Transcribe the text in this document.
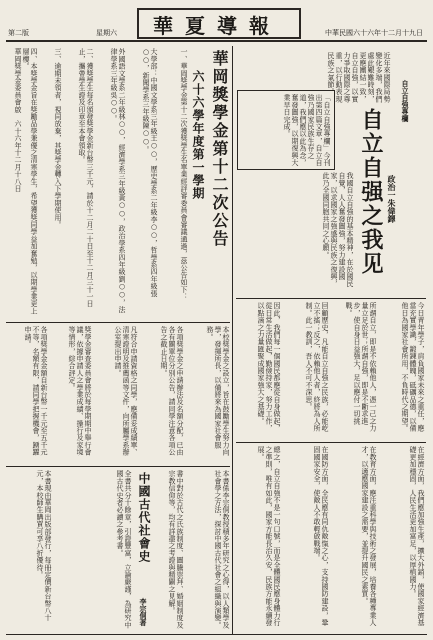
華夏導報	中華民國六十六年十二月十九日
第二版	星期六
自立自強專欄
「自立自強專欄」今刊出第四篇文章，自立自強乃國家民族生存之道，我們應以此為念，奮發圖強，以期復興大業早日完成。	自立自强之我见 政治一朱偉鐸
我國自立自強的基本精神，在於國民自覺，人人奮發圖強，努力建設國家，以求國家之強盛與民族之復興，此乃全國同胞共同之心願。
近年來國際局勢變化多端，我們處此艱難時刻，更應團結一致，自立自強，以實力爭取國際之尊重，以行動表現民族之氣節。
今日青年學子，肩負國家未來之重任，應當充實學識，鍛鍊體魄，砥礪品德，以備他日為國家社會所用，不負時代之期望。
所謂自立，即是不依賴他人，憑一己之力量立足於世；所謂自強，即是不斷求進步，使自身日益強大，足以應付一切挑戰。
回顧歷史，凡能自立自強之民族，必能屹立不搖；反之，依賴他人者，終將為人所制。此一教訓，吾人不可不深思。
因此，我們每一個國民都應從自身做起，從日常生活做起，勤儉持家，努力工作，以點滴之力量匯聚成國家強大之基礎。
在經濟方面，我們應加強生產，擴大外銷，使國家經濟基礎更加穩固，人民生活更加富足，以厚植國力。
在教育方面，應注重科學與技術之發展，培養各種專業人才，以適應國家建設之需要，並提升國民之素質。
在國防方面，全民應有同仇敵愾之心，支持國防建設，鞏固國家安全，使敵人不敢輕啟戰端。
總之，自立自強不是一句口號，而是全體國民應身體力行之準則，唯有如此，國家方能長治久安，民族方能永續發展。
華岡獎學金第十二次公告
六十六學年度第一學期
一、華岡獎學金第十二次獲獎學生名單業經評審委員會審議通過，茲公告如下：
大學部：中國文學系三年級王○○，歷史學系二年級李○○，哲學系四年級張○○，新聞學系三年級陳○○。
外國語文學系二年級林○○，經濟學系三年級黃○○，政治學系四年級劉○○，法律學系三年級吳○○。
二、獲獎學生每名頒發獎學金新台幣三千元，請於十二月二十日至十二月三十一日止，攜帶學生證及印章至本會領取。
三、逾期未領者，視同放棄，其獎學金轉入下學期使用。
四、本獎學金旨在獎勵品學兼優之清寒學生，希望獲獎同學益加奮勉，以期學業更上層樓。
華岡獎學金委員會啟　六十六年十二月十八日
本校獎學金之設立，旨在鼓勵學生努力向學，發揮所長，以備將來為國家社會服務。
各項獎學金之申請辦法及名額分配，已由各有關單位分別公告，請同學注意各項公告之截止日期。
凡符合申請資格之同學，應備妥成績單、清寒證明及推薦函等文件，向所屬學系辦公室提出申請。
獎學金審查委員會將於每學期期中舉行會議，依據申請人之學業成績、操行及家境等情形，綜合評定。
各項獎學金金額自新台幣一千元至五千元不等，名額有限，請同學把握機會，踴躍申請。
中國古代社會史
李宗侗著	本書係李宗侗教授積多年研究之心得，以人類學及社會學之方法，探討中國古代社會之組織與演變。
書中對於古代之氏族制度、圖騰崇拜、婚姻制度及宗教信仰等，均有詳盡之考證與精闢之見解。
全書共分十餘章，引證豐富，立論嚴謹，為研究中國古代史者必讀之參考書。
本書現由華岡出版部發行，每冊定價新台幣八十元，本校師生購買可享八折優待。
